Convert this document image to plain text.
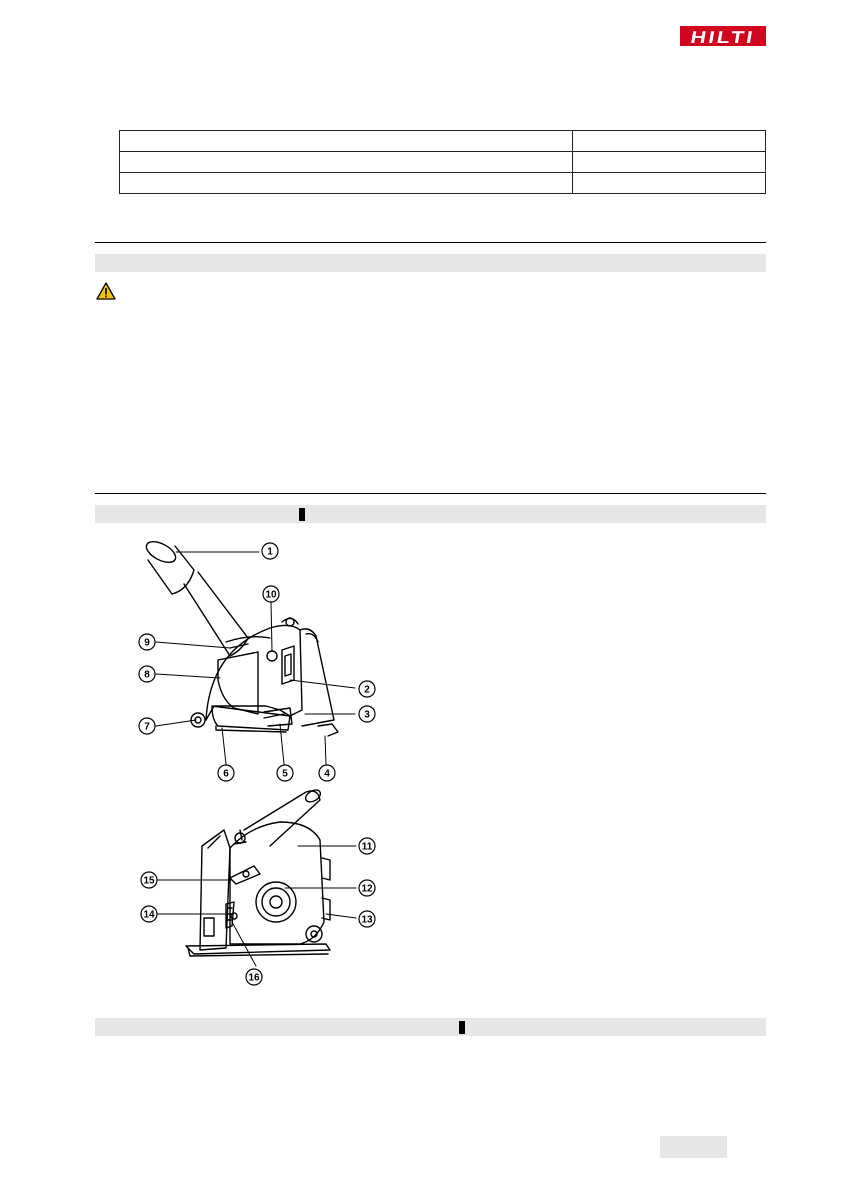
HILTI

1
2
3
4
5
6
7
8
9
10
11
12
13
14
15
16
